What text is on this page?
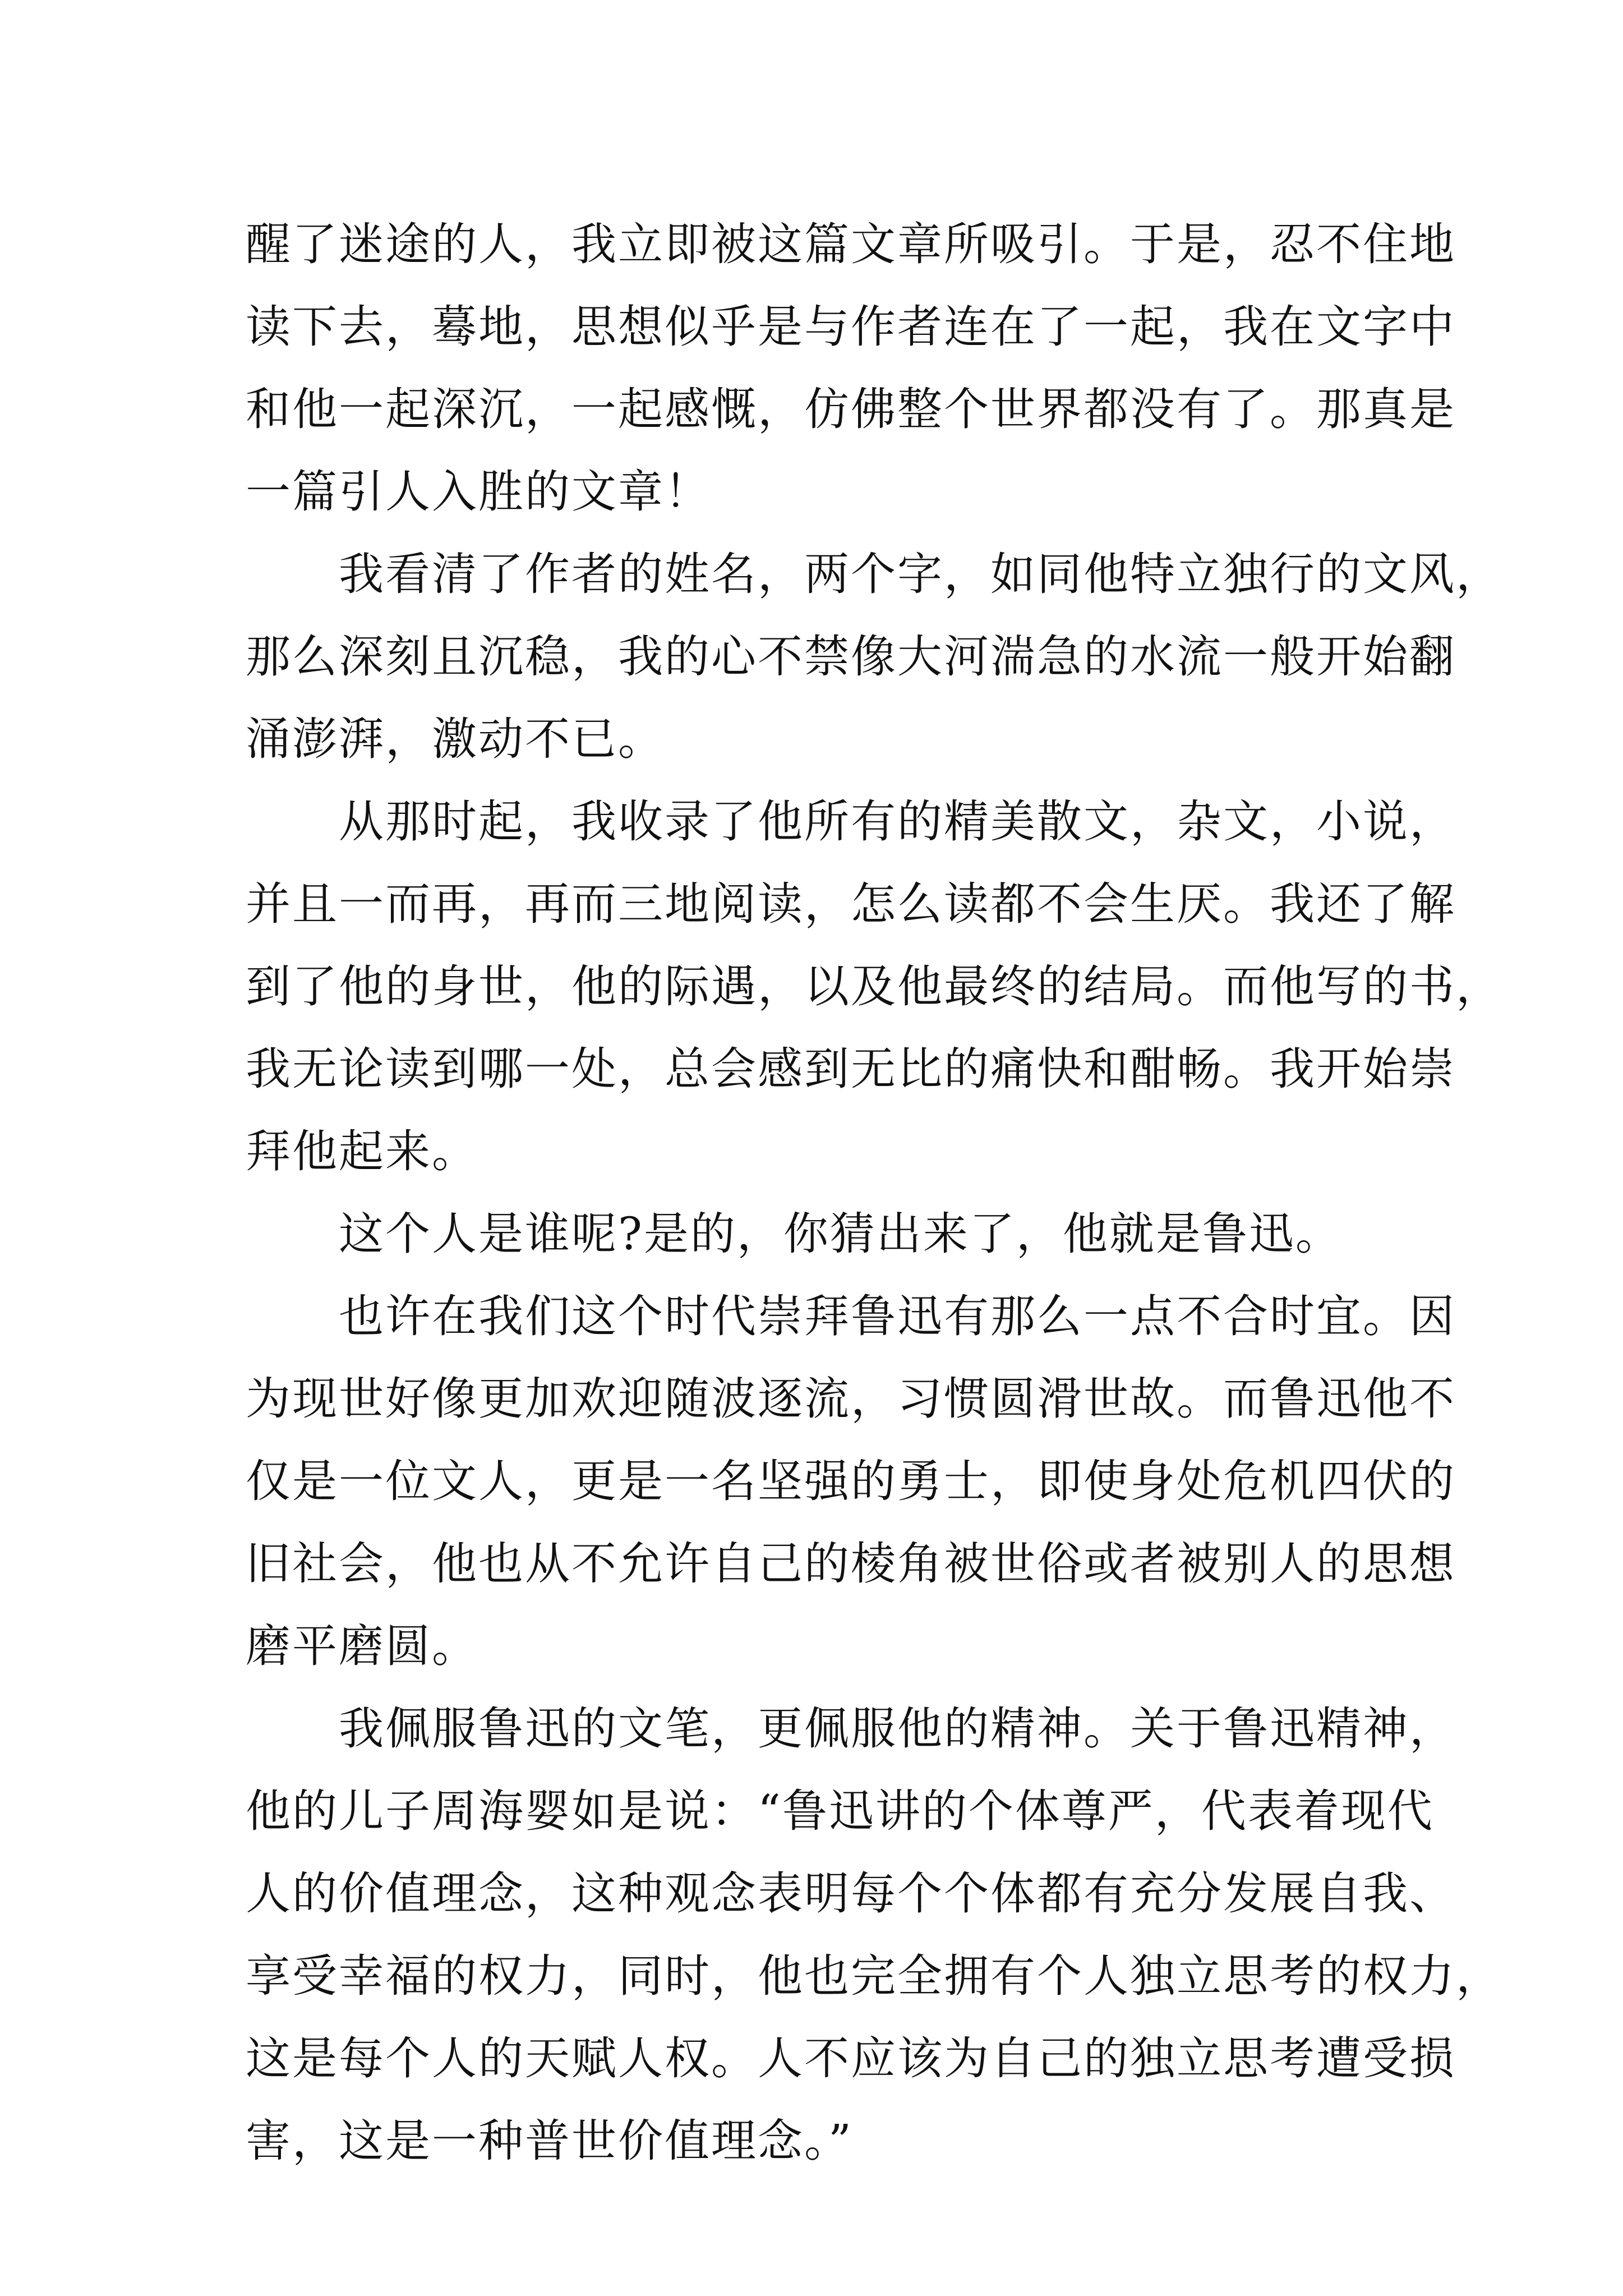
醒了迷途的人，我立即被这篇文章所吸引。于是，忍不住地
读下去，蓦地，思想似乎是与作者连在了一起，我在文字中
和他一起深沉，一起感慨，仿佛整个世界都没有了。那真是
一篇引人入胜的文章！
　　我看清了作者的姓名，两个字，如同他特立独行的文风，
那么深刻且沉稳，我的心不禁像大河湍急的水流一般开始翻
涌澎湃，激动不已。
　　从那时起，我收录了他所有的精美散文，杂文，小说，
并且一而再，再而三地阅读，怎么读都不会生厌。我还了解
到了他的身世，他的际遇，以及他最终的结局。而他写的书，
我无论读到哪一处，总会感到无比的痛快和酣畅。我开始崇
拜他起来。
　　这个人是谁呢?是的，你猜出来了，他就是鲁迅。
　　也许在我们这个时代崇拜鲁迅有那么一点不合时宜。因
为现世好像更加欢迎随波逐流，习惯圆滑世故。而鲁迅他不
仅是一位文人，更是一名坚强的勇士，即使身处危机四伏的
旧社会，他也从不允许自己的棱角被世俗或者被别人的思想
磨平磨圆。
　　我佩服鲁迅的文笔，更佩服他的精神。关于鲁迅精神，
他的儿子周海婴如是说：“鲁迅讲的个体尊严，代表着现代
人的价值理念，这种观念表明每个个体都有充分发展自我、
享受幸福的权力，同时，他也完全拥有个人独立思考的权力，
这是每个人的天赋人权。人不应该为自己的独立思考遭受损
害，这是一种普世价值理念。”
